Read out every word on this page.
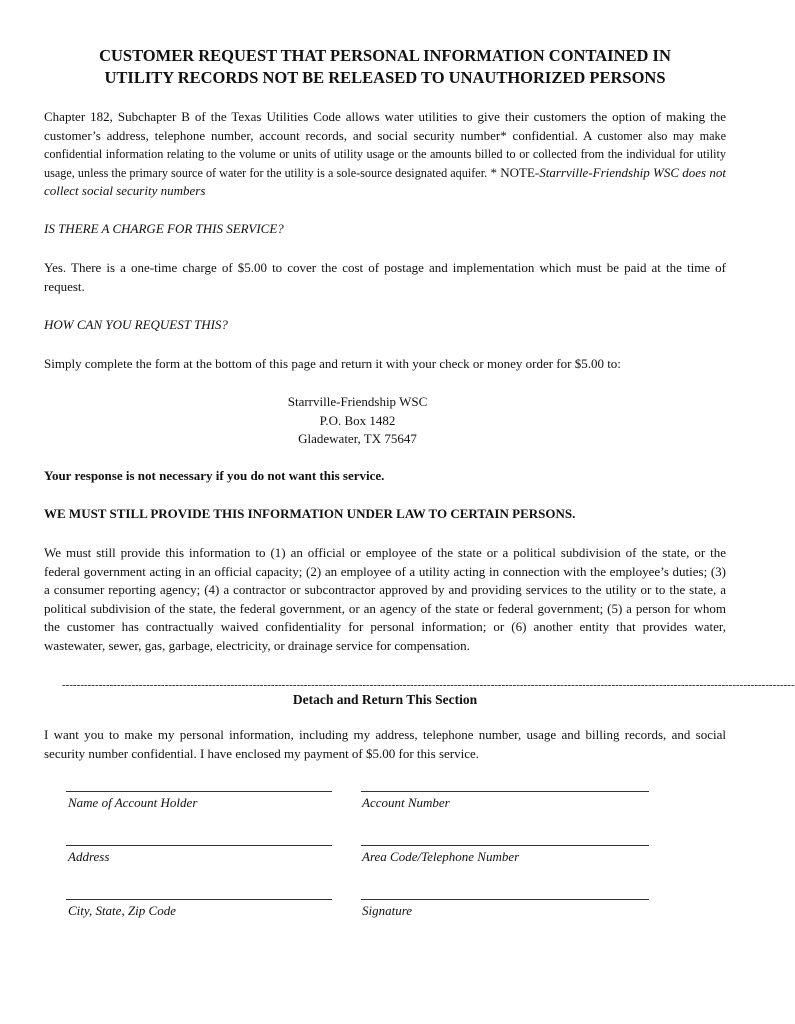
CUSTOMER REQUEST THAT PERSONAL INFORMATION CONTAINED IN
UTILITY RECORDS NOT BE RELEASED TO UNAUTHORIZED PERSONS
Chapter 182, Subchapter B of the Texas Utilities Code allows water utilities to give their customers the option of making the customer’s address, telephone number, account records, and social security number* confidential. A customer also may make confidential information relating to the volume or units of utility usage or the amounts billed to or collected from the individual for utility usage, unless the primary source of water for the utility is a sole-source designated aquifer. * NOTE-Starrville-Friendship WSC does not collect social security numbers
IS THERE A CHARGE FOR THIS SERVICE?
Yes. There is a one-time charge of $5.00 to cover the cost of postage and implementation which must be paid at the time of request.
HOW CAN YOU REQUEST THIS?
Simply complete the form at the bottom of this page and return it with your check or money order for $5.00 to:
Starrville-Friendship WSC
P.O. Box 1482
Gladewater, TX 75647
Your response is not necessary if you do not want this service.
WE MUST STILL PROVIDE THIS INFORMATION UNDER LAW TO CERTAIN PERSONS.
We must still provide this information to (1) an official or employee of the state or a political subdivision of the state, or the federal government acting in an official capacity; (2) an employee of a utility acting in connection with the employee’s duties; (3) a consumer reporting agency; (4) a contractor or subcontractor approved by and providing services to the utility or to the state, a political subdivision of the state, the federal government, or an agency of the state or federal government; (5) a person for whom the customer has contractually waived confidentiality for personal information; or (6) another entity that provides water, wastewater, sewer, gas, garbage, electricity, or drainage service for compensation.
--------------------------------------------------------------------------------------------------------------------------------------------------------------------------------------------------------
Detach and Return This Section
I want you to make my personal information, including my address, telephone number, usage and billing records, and social security number confidential. I have enclosed my payment of $5.00 for this service.
Name of Account Holder	Account Number
Address	Area Code/Telephone Number
City, State, Zip Code	Signature
